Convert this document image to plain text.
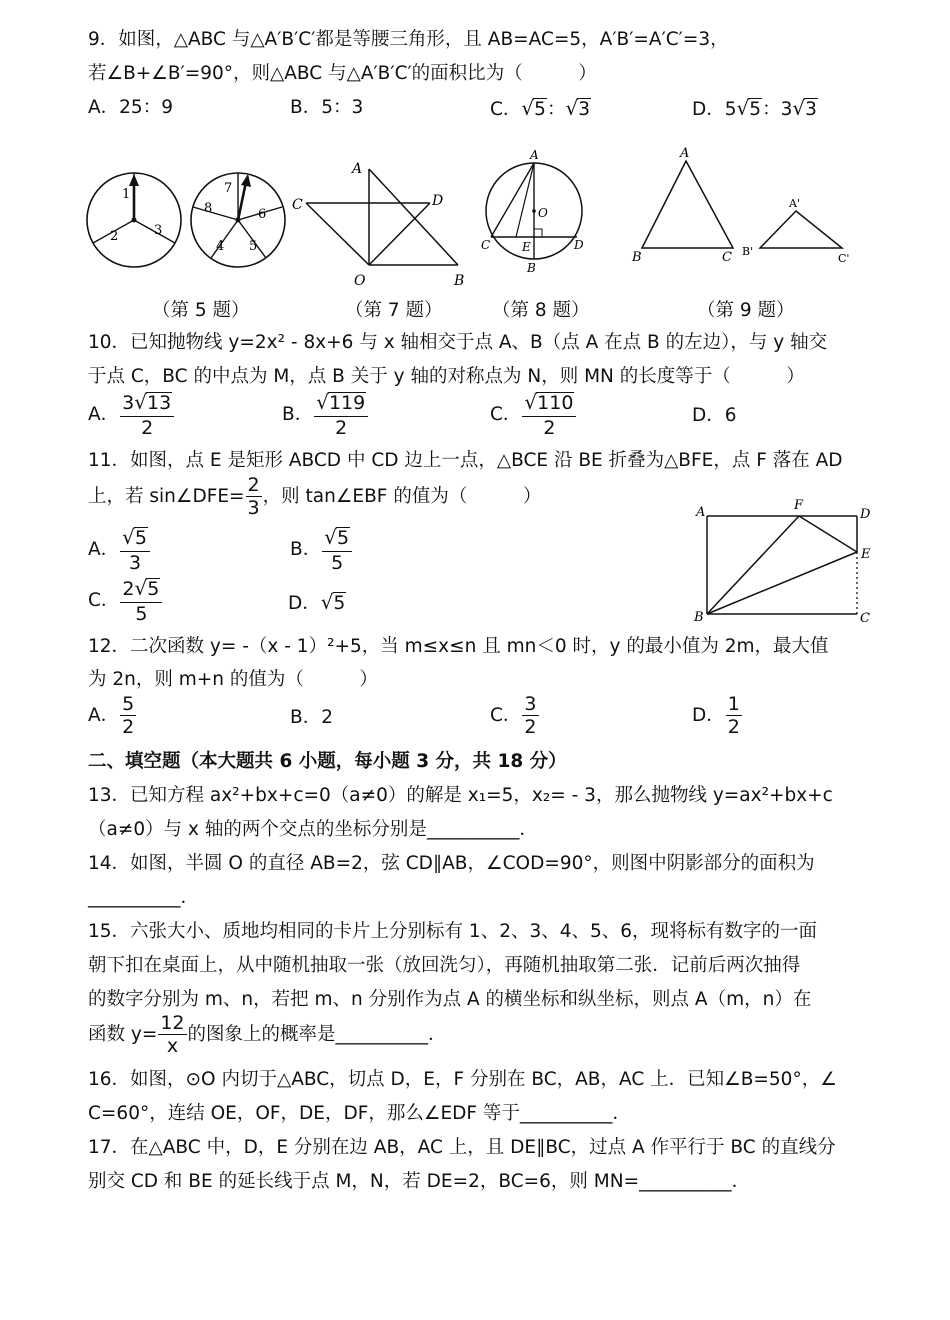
9．如图，△ABC 与△A′B′C′都是等腰三角形，且 AB=AC=5，A′B′=A′C′=3，
若∠B+∠B′=90°，则△ABC 与△A′B′C′的面积比为（　　　）
A．25：9	B．5：3	C．√5：√3	D．5√5：3√3
1
2	3
7
6
8
4 5
A
C	D
O	B
A
O
C	E	D
B
A
B	C
A'
B'
C'
（第 5 题）	（第 7 题）	（第 8 题）	（第 9 题）
10．已知抛物线 y=2x² - 8x+6 与 x 轴相交于点 A、B（点 A 在点 B 的左边），与 y 轴交
于点 C，BC 的中点为 M，点 B 关于 y 轴的对称点为 N，则 MN 的长度等于（　　　）
A． $\frac{3√13}{2}$	B． $\frac{√119}{2}$	C． $\frac{√110}{2}$	D．6
11．如图，点 E 是矩形 ABCD 中 CD 边上一点，△BCE 沿 BE 折叠为△BFE，点 F 落在 AD
上，若 sin∠DFE= $\frac{2}{3}$ ，则 tan∠EBF 的值为（　　　）
A． $\frac{√5}{3}$	B． $\frac{√5}{5}$
C． $\frac{2√5}{5}$	D．√5
A	F
D
E
B	C
12．二次函数 y= -（x - 1）²+5，当 m≤x≤n 且 mn＜0 时，y 的最小值为 2m，最大值
为 2n，则 m+n 的值为（　　　）
A． $\frac{5}{2}$	B．2	C． $\frac{3}{2}$	D． $\frac{1}{2}$
二、填空题（本大题共 6 小题，每小题 3 分，共 18 分）
13．已知方程 ax²+bx+c=0（a≠0）的解是 x₁=5，x₂= - 3，那么抛物线 y=ax²+bx+c
（a≠0）与 x 轴的两个交点的坐标分别是__________．
14．如图，半圆 O 的直径 AB=2，弦 CD∥AB，∠COD=90°，则图中阴影部分的面积为
__________．
15．六张大小、质地均相同的卡片上分别标有 1、2、3、4、5、6，现将标有数字的一面
朝下扣在桌面上，从中随机抽取一张（放回洗匀），再随机抽取第二张．记前后两次抽得
的数字分别为 m、n，若把 m、n 分别作为点 A 的横坐标和纵坐标，则点 A（m，n）在
函数 $y= \frac{12}{x}$ 的图象上的概率是__________．
16．如图，⊙O 内切于△ABC，切点 D，E，F 分别在 BC，AB，AC 上．已知∠B=50°，∠
C=60°，连结 OE，OF，DE，DF，那么∠EDF 等于__________．
17．在△ABC 中，D，E 分别在边 AB，AC 上，且 DE∥BC，过点 A 作平行于 BC 的直线分
别交 CD 和 BE 的延长线于点 M，N，若 DE=2，BC=6，则 MN=__________．
